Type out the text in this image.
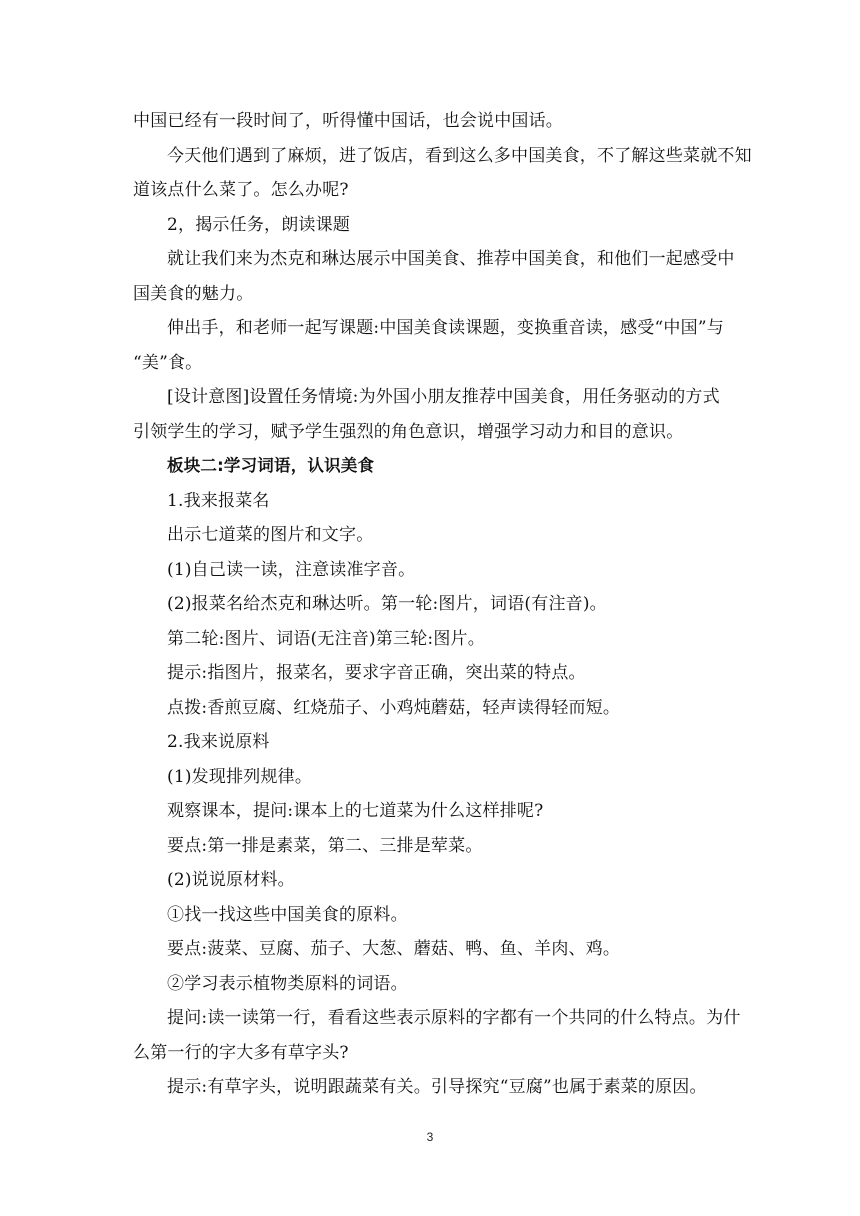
中国已经有一段时间了，听得懂中国话，也会说中国话。
今天他们遇到了麻烦，进了饭店，看到这么多中国美食，不了解这些菜就不知
道该点什么菜了。怎么办呢?
2，揭示任务，朗读课题
就让我们来为杰克和琳达展示中国美食、推荐中国美食，和他们一起感受中
国美食的魅力。
伸出手，和老师一起写课题:中国美食读课题，变换重音读，感受“中国”与
“美”食。
[设计意图]设置任务情境:为外国小朋友推荐中国美食，用任务驱动的方式
引领学生的学习，赋予学生强烈的角色意识，增强学习动力和目的意识。
板块二:学习词语，认识美食
1.我来报菜名
出示七道菜的图片和文字。
(1)自己读一读，注意读准字音。
(2)报菜名给杰克和琳达听。第一轮:图片，词语(有注音)。
第二轮:图片、词语(无注音)第三轮:图片。
提示:指图片，报菜名，要求字音正确，突出菜的特点。
点拨:香煎豆腐、红烧茄子、小鸡炖蘑菇，轻声读得轻而短。
2.我来说原料
(1)发现排列规律。
观察课本，提问:课本上的七道菜为什么这样排呢?
要点:第一排是素菜，第二、三排是荤菜。
(2)说说原材料。
①找一找这些中国美食的原料。
要点:菠菜、豆腐、茄子、大葱、蘑菇、鸭、鱼、羊肉、鸡。
②学习表示植物类原料的词语。
提问:读一读第一行，看看这些表示原料的字都有一个共同的什么特点。为什
么第一行的字大多有草字头?
提示:有草字头，说明跟蔬菜有关。引导探究“豆腐”也属于素菜的原因。
3
